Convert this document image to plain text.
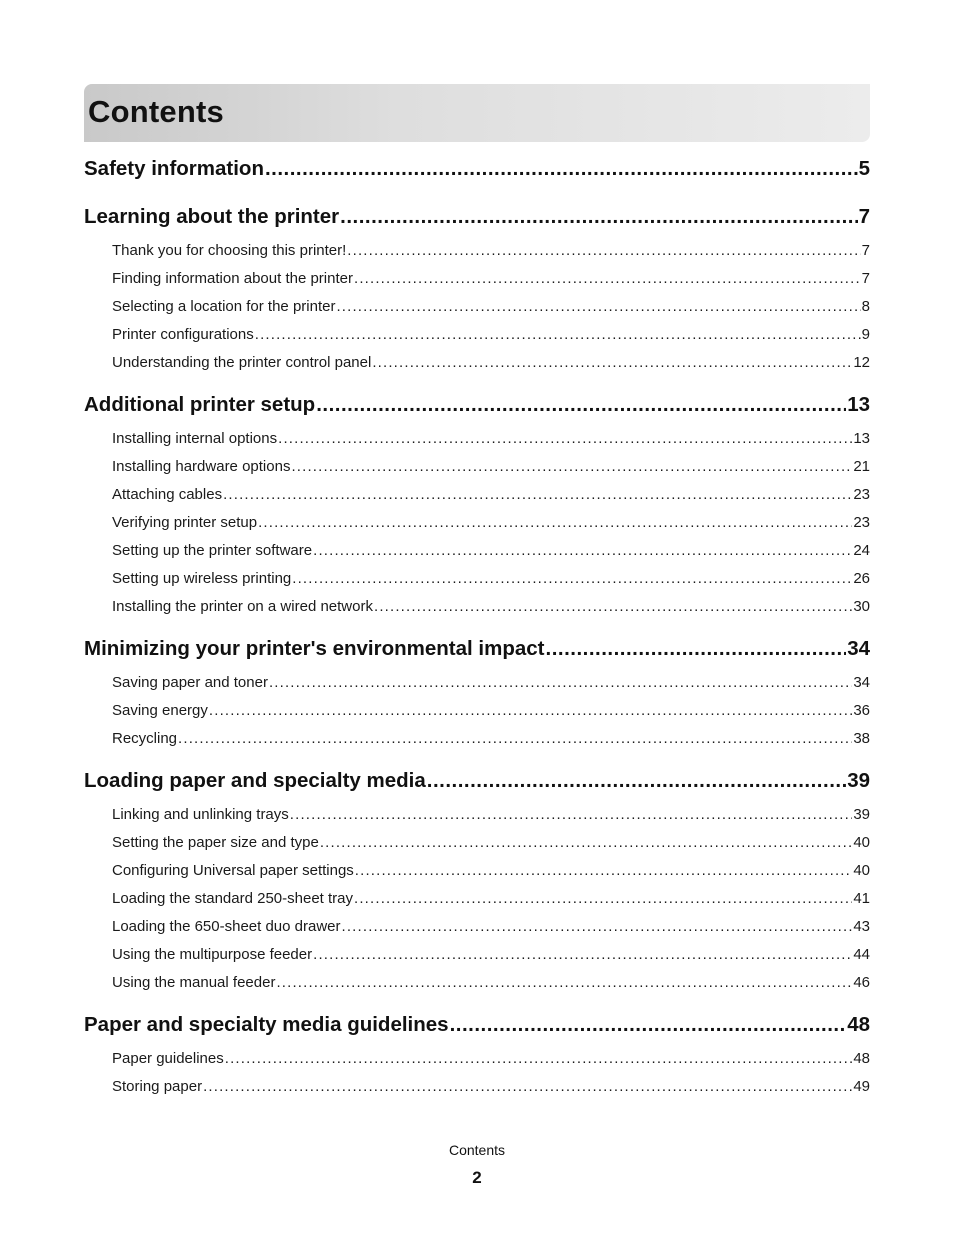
Contents
Safety information . . .	5
Learning about the printer . . .	7
Thank you for choosing this printer! . . .	7
Finding information about the printer . . .	7
Selecting a location for the printer . . .	8
Printer configurations . . .	9
Understanding the printer control panel . . .	12
Additional printer setup . . .	13
Installing internal options . . .	13
Installing hardware options . . .	21
Attaching cables . . .	23
Verifying printer setup . . .	23
Setting up the printer software . . .	24
Setting up wireless printing . . .	26
Installing the printer on a wired network . . .	30
Minimizing your printer's environmental impact . . .	34
Saving paper and toner . . .	34
Saving energy . . .	36
Recycling . . .	38
Loading paper and specialty media . . .	39
Linking and unlinking trays . . .	39
Setting the paper size and type . . .	40
Configuring Universal paper settings . . .	40
Loading the standard 250-sheet tray . . .	41
Loading the 650-sheet duo drawer . . .	43
Using the multipurpose feeder . . .	44
Using the manual feeder . . .	46
Paper and specialty media guidelines . . .	48
Paper guidelines . . .	48
Storing paper . . .	49
Contents
2
